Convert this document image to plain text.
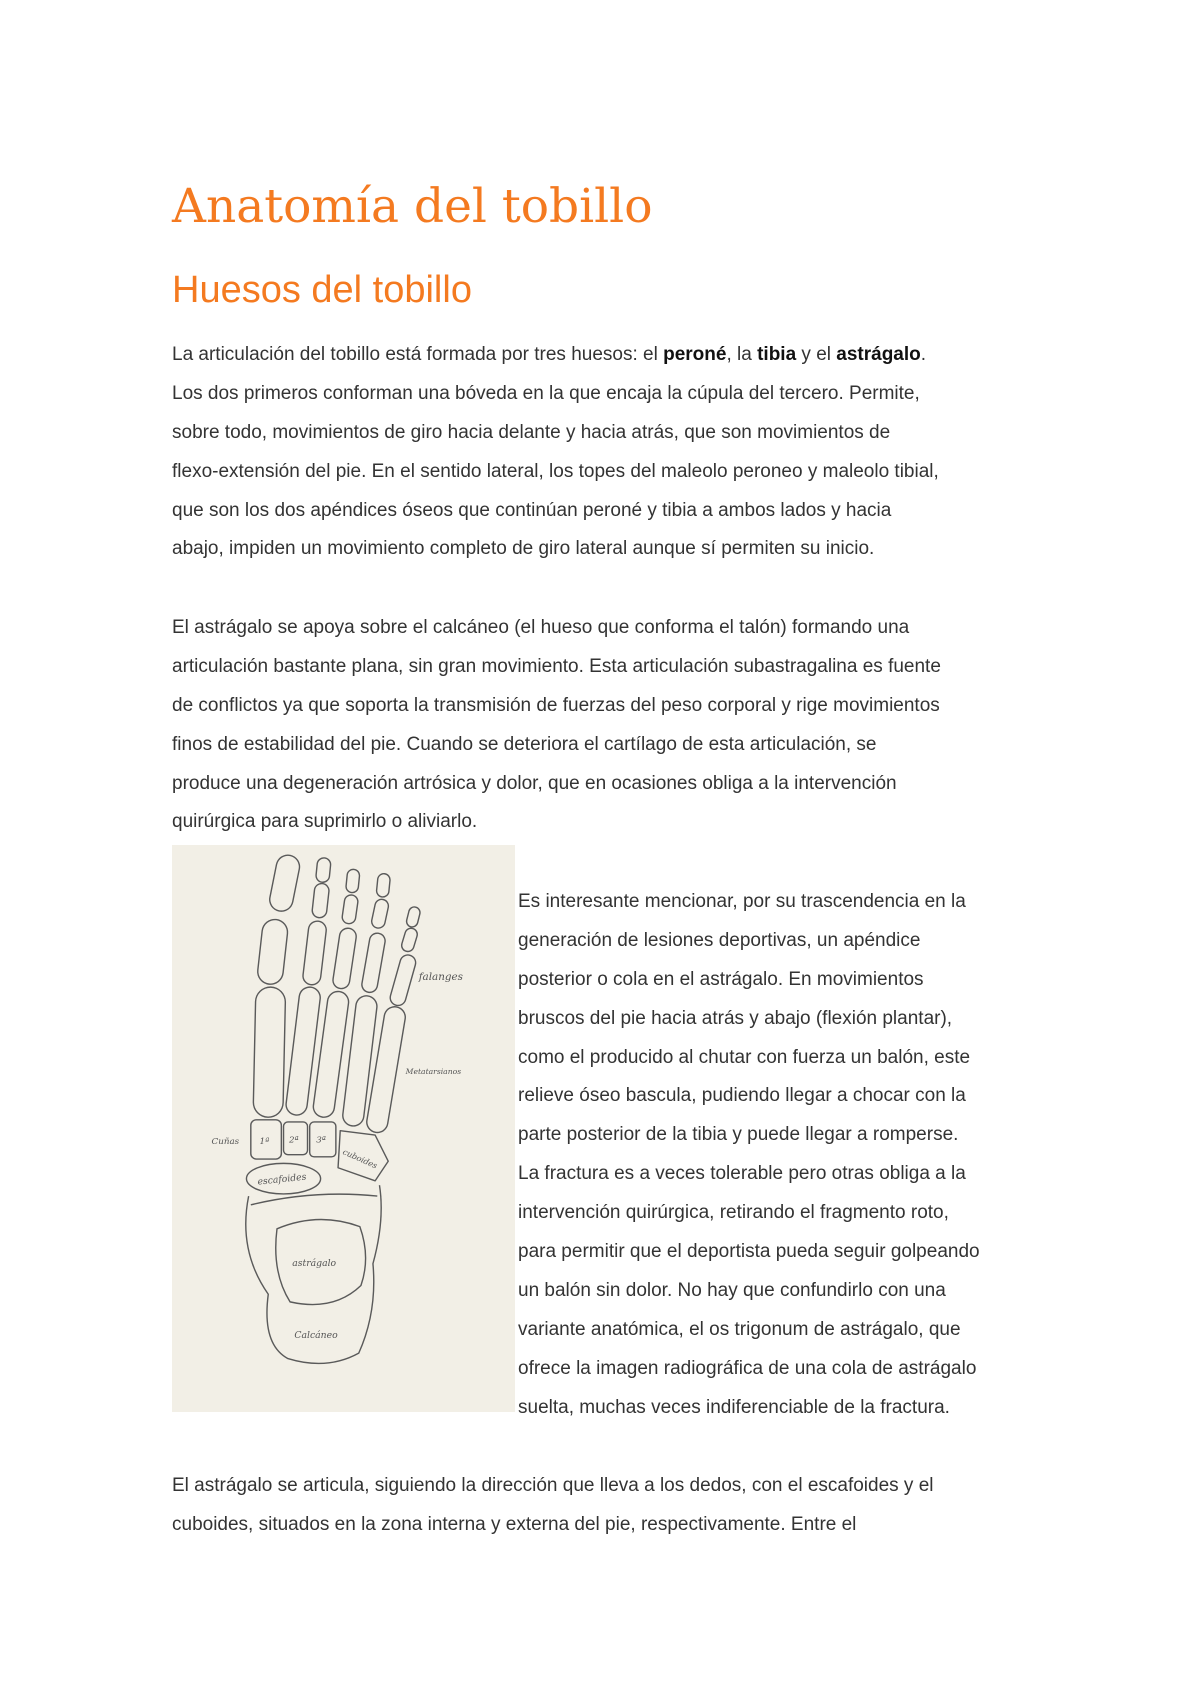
Anatomía del tobillo
Huesos del tobillo
La articulación del tobillo está formada por tres huesos: el peroné, la tibia y el astrágalo.
Los dos primeros conforman una bóveda en la que encaja la cúpula del tercero. Permite,
sobre todo, movimientos de giro hacia delante y hacia atrás, que son movimientos de
flexo-extensión del pie. En el sentido lateral, los topes del maleolo peroneo y maleolo tibial,
que son los dos apéndices óseos que continúan peroné y tibia a ambos lados y hacia
abajo, impiden un movimiento completo de giro lateral aunque sí permiten su inicio.
El astrágalo se apoya sobre el calcáneo (el hueso que conforma el talón) formando una
articulación bastante plana, sin gran movimiento. Esta articulación subastragalina es fuente
de conflictos ya que soporta la transmisión de fuerzas del peso corporal y rige movimientos
finos de estabilidad del pie. Cuando se deteriora el cartílago de esta articulación, se
produce una degeneración artrósica y dolor, que en ocasiones obliga a la intervención
quirúrgica para suprimirlo o aliviarlo.
falanges
Metatarsianos
Cuñas	1ª 2ª 3ª
escafoides
cuboides
astrágalo
Calcáneo
Es interesante mencionar, por su trascendencia en la
generación de lesiones deportivas, un apéndice
posterior o cola en el astrágalo. En movimientos
bruscos del pie hacia atrás y abajo (flexión plantar),
como el producido al chutar con fuerza un balón, este
relieve óseo bascula, pudiendo llegar a chocar con la
parte posterior de la tibia y puede llegar a romperse.
La fractura es a veces tolerable pero otras obliga a la
intervención quirúrgica, retirando el fragmento roto,
para permitir que el deportista pueda seguir golpeando
un balón sin dolor. No hay que confundirlo con una
variante anatómica, el os trigonum de astrágalo, que
ofrece la imagen radiográfica de una cola de astrágalo
suelta, muchas veces indiferenciable de la fractura.
El astrágalo se articula, siguiendo la dirección que lleva a los dedos, con el escafoides y el
cuboides, situados en la zona interna y externa del pie, respectivamente. Entre el
